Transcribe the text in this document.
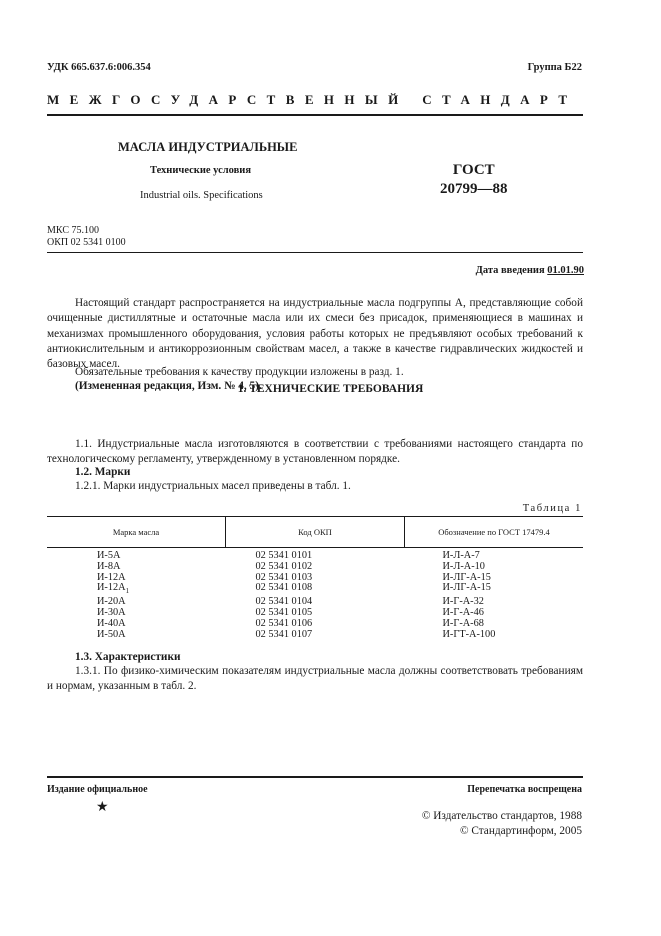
УДК 665.637.6:006.354	Группа Б22
МЕЖГОСУДАРСТВЕННЫЙ СТАНДАРТ
МАСЛА ИНДУСТРИАЛЬНЫЕ
Технические условия
Industrial oils. Specifications
ГОСТ
20799—88
МКС 75.100
ОКП 02 5341 0100
Дата введения 01.01.90
Настоящий стандарт распространяется на индустриальные масла подгруппы А, представляющие собой очищенные дистиллятные и остаточные масла или их смеси без присадок, применяющиеся в машинах и механизмах промышленного оборудования, условия работы которых не предъявляют особых требований к антиокислительным и антикоррозионным свойствам масел, а также в качестве гидравлических жидкостей и базовых масел.
Обязательные требования к качеству продукции изложены в разд. 1.
(Измененная редакция, Изм. № 4, 5).
1. ТЕХНИЧЕСКИЕ ТРЕБОВАНИЯ
1.1. Индустриальные масла изготовляются в соответствии с требованиями настоящего стандарта по технологическому регламенту, утвержденному в установленном порядке.
1.2. Марки
1.2.1. Марки индустриальных масел приведены в табл. 1.
Таблица 1
Марка масла	Код ОКП	Обозначение по ГОСТ 17479.4
И-5А	02 5341 0101	И-Л-А-7
И-8А	02 5341 0102	И-Л-А-10
И-12А	02 5341 0103	И-ЛГ-А-15
$И-12А_1$	02 5341 0108	И-ЛГ-А-15
И-20А	02 5341 0104	И-Г-А-32
И-30А	02 5341 0105	И-Г-А-46
И-40А	02 5341 0106	И-Г-А-68
И-50А	02 5341 0107	И-ГТ-А-100
1.3. Характеристики
1.3.1. По физико-химическим показателям индустриальные масла должны соответствовать требованиям и нормам, указанным в табл. 2.
Издание официальное	Перепечатка воспрещена
★
© Издательство стандартов, 1988
© Стандартинформ, 2005
